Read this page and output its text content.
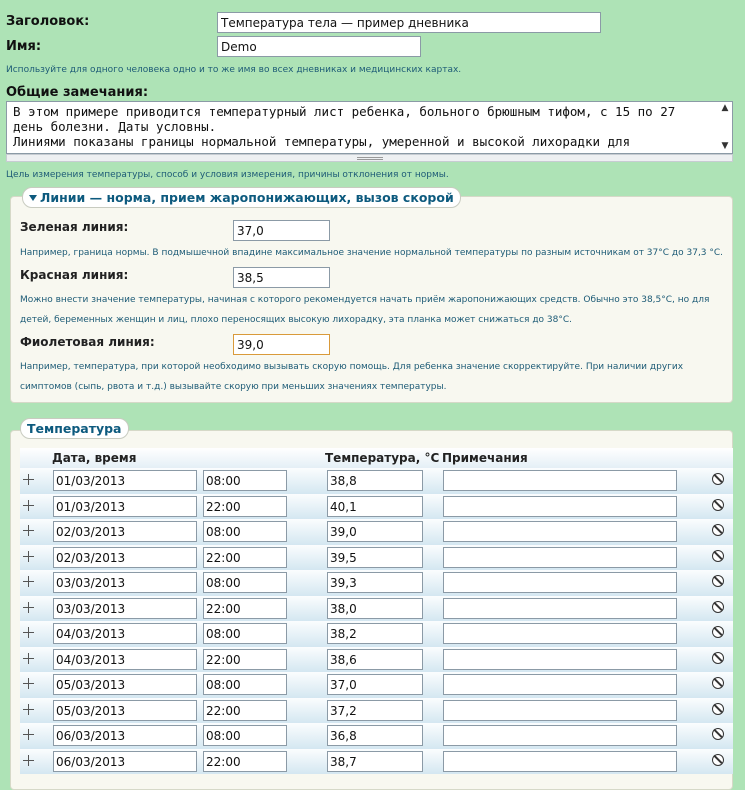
Заголовок:
Температура тела — пример дневника
Имя:
Demo
Используйте для одного человека одно и то же имя во всех дневниках и медицинских картах.
Общие замечания:
В этом примере приводится температурный лист ребенка, больного брюшным тифом, с 15 по 27 день болезни. Даты условны. Линиями показаны границы нормальной температуры, умеренной и высокой лихорадки для
▲
▼
Цель измерения температуры, способ и условия измерения, причины отклонения от нормы.
Линии — норма, прием жаропонижающих, вызов скорой
Зеленая линия:
37,0
Например, граница нормы. В подмышечной впадине максимальное значение нормальной температуры по разным источникам от 37°С до 37,3 °С.
Красная линия:
38,5
Можно внести значение температуры, начиная с которого рекомендуется начать приём жаропонижающих средств. Обычно это 38,5°С, но для
детей, беременных женщин и лиц, плохо переносящих высокую лихорадку, эта планка может снижаться до 38°С.
Фиолетовая линия:
39,0
Например, температура, при которой необходимо вызывать скорую помощь. Для ребенка значение скорректируйте. При наличии других
симптомов (сыпь, рвота и т.д.) вызывайте скорую при меньших значениях температуры.
Температура
Дата, время	Температура, °С Примечания
01/03/2013	08:00	38,8
01/03/2013	22:00	40,1
02/03/2013	08:00	39,0
02/03/2013	22:00	39,5
03/03/2013	08:00	39,3
03/03/2013	22:00	38,0
04/03/2013	08:00	38,2
04/03/2013	22:00	38,6
05/03/2013	08:00	37,0
05/03/2013	22:00	37,2
06/03/2013	08:00	36,8
06/03/2013	22:00	38,7
